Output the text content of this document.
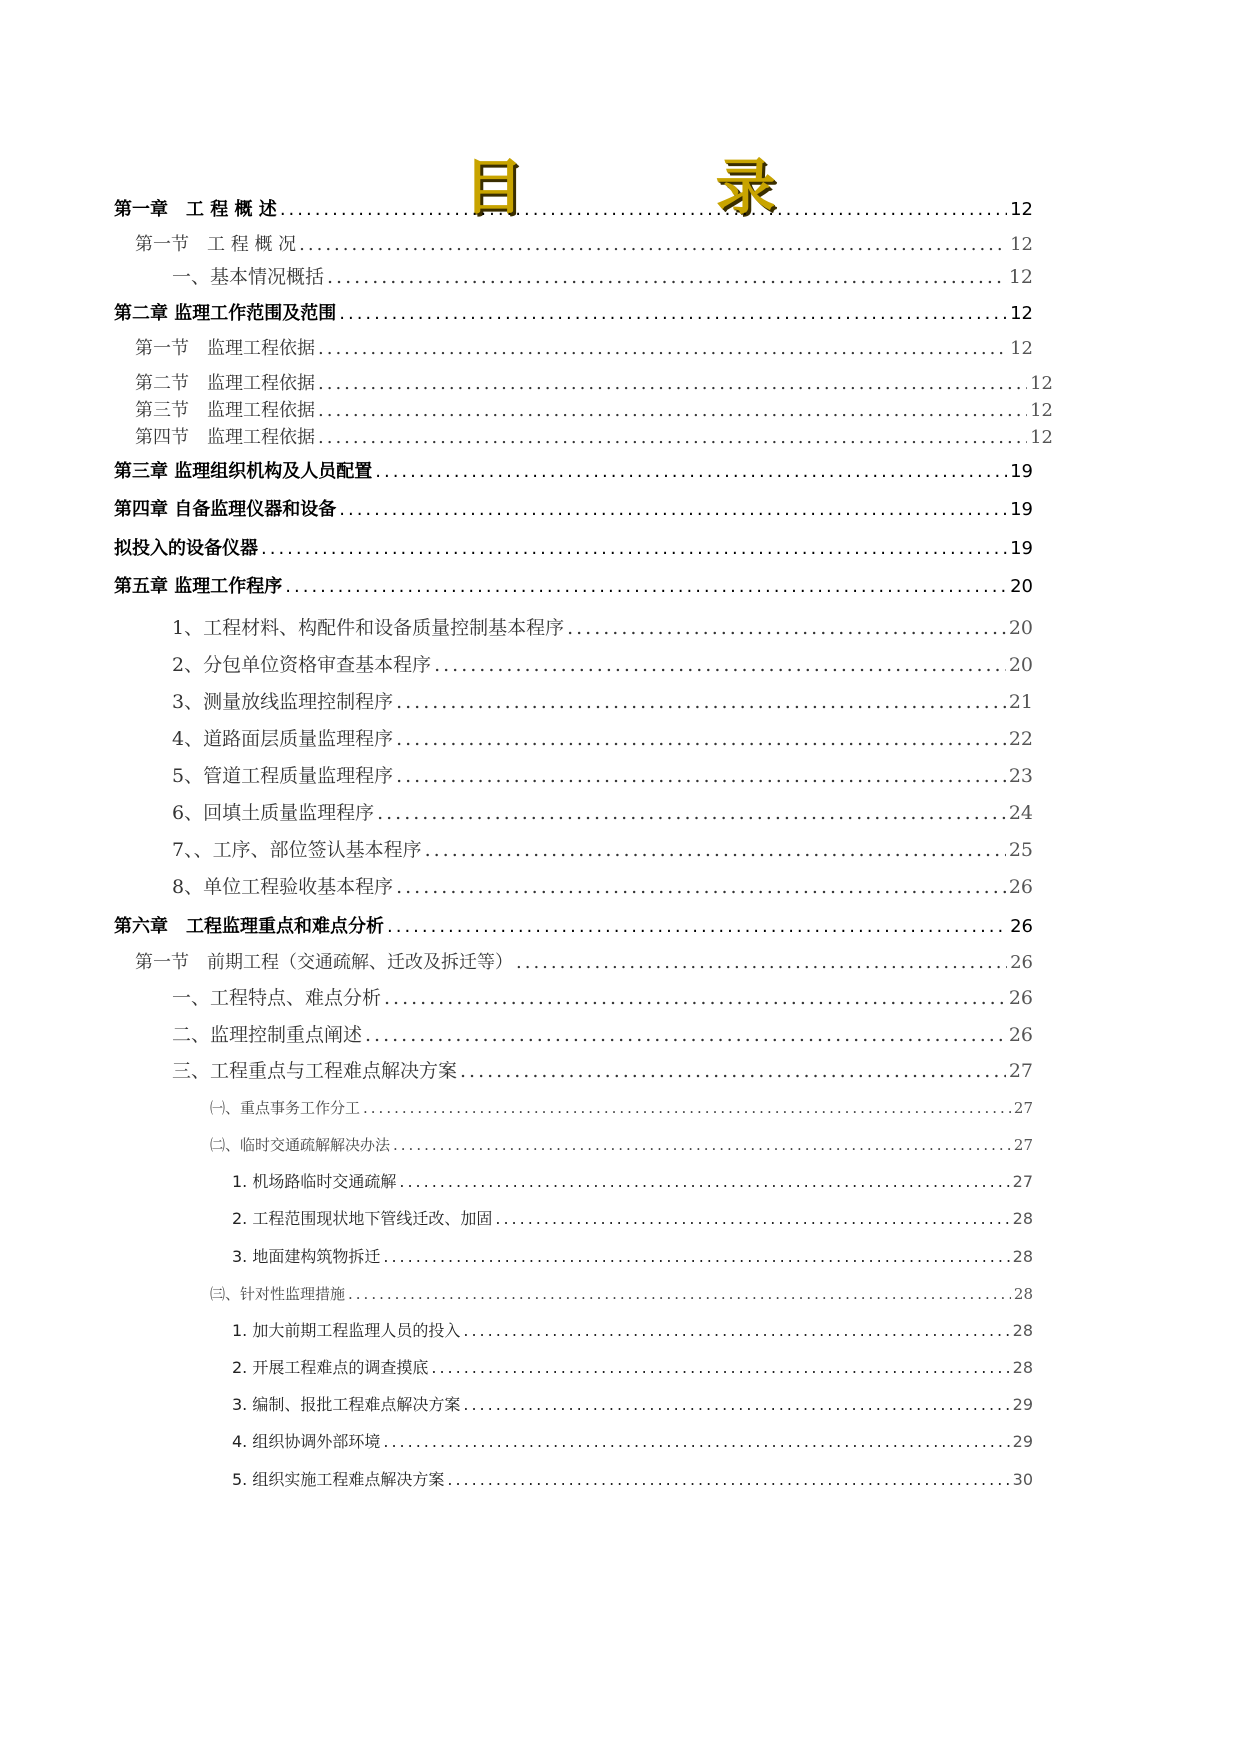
目	录
第一章　工 程 概 述 .....	12
第一节　工 程 概 况 .....	12
一、基本情况概括 .....	12
第二章 监理工作范围及范围 .....	12
第一节　监理工程依据 .....	12
第二节　监理工程依据 .....	12
第三节　监理工程依据 .....	12
第四节　监理工程依据 .....	12
第三章 监理组织机构及人员配置 .....	19
第四章 自备监理仪器和设备 .....	19
拟投入的设备仪器 .....	19
第五章 监理工作程序 .....	20
1、工程材料、构配件和设备质量控制基本程序 .....	20
2、分包单位资格审查基本程序 .....	20
3、测量放线监理控制程序 .....	21
4、道路面层质量监理程序 .....	22
5、管道工程质量监理程序 .....	23
6、回填土质量监理程序 .....	24
7、、工序、部位签认基本程序 .....	25
8、单位工程验收基本程序 .....	26
第六章　工程监理重点和难点分析 .....	26
第一节　前期工程（交通疏解、迁改及拆迁等） .....	26
一、工程特点、难点分析 .....	26
二、监理控制重点阐述 .....	26
三、工程重点与工程难点解决方案 .....	27
㈠、重点事务工作分工 .....	27
㈡、临时交通疏解解决办法 .....	27
1. 机场路临时交通疏解 .....	27
2. 工程范围现状地下管线迁改、加固 .....	28
3. 地面建构筑物拆迁 .....	28
㈢、针对性监理措施 .....	28
1. 加大前期工程监理人员的投入 .....	28
2. 开展工程难点的调查摸底 .....	28
3. 编制、报批工程难点解决方案 .....	29
4. 组织协调外部环境 .....	29
5. 组织实施工程难点解决方案 .....	30
